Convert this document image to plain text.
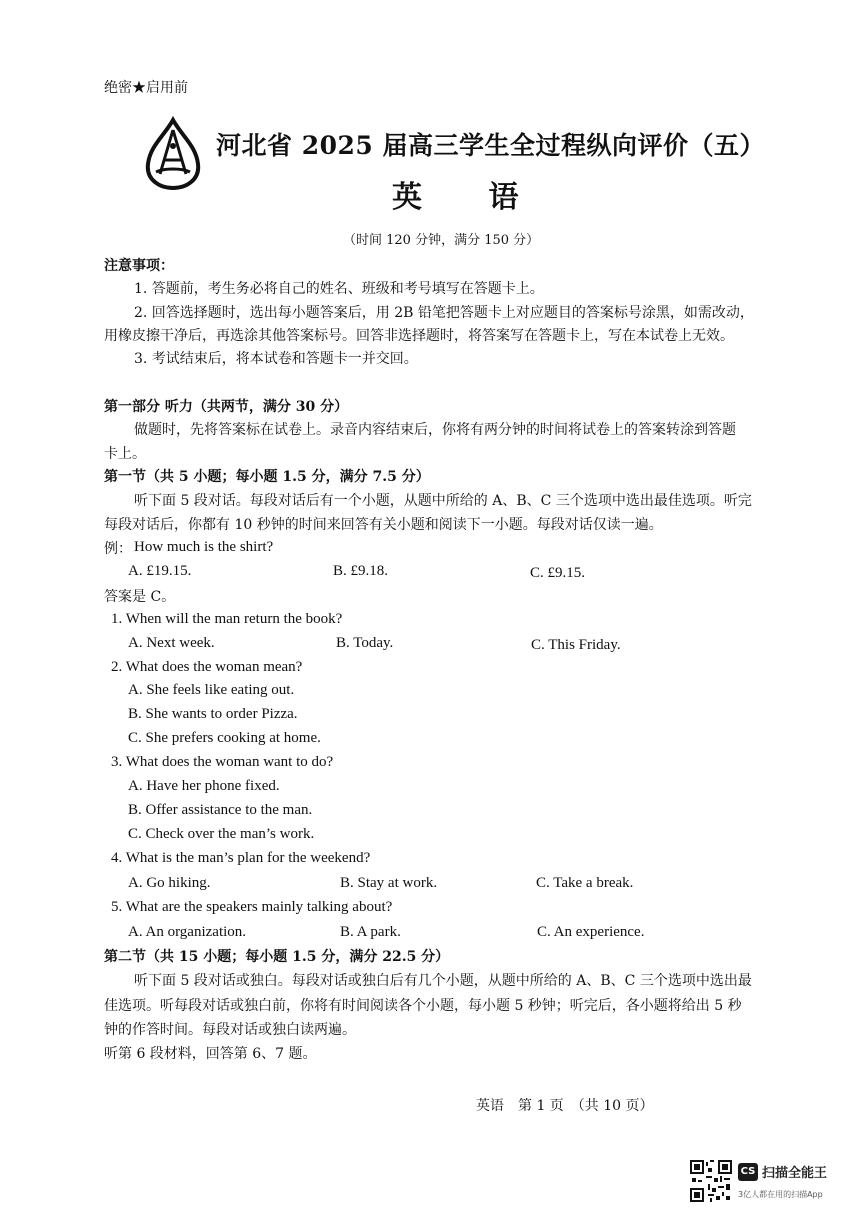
绝密★启用前
河北省 2025 届高三学生全过程纵向评价（五）
英 语
（时间 120 分钟，满分 150 分）
注意事项：
1. 答题前，考生务必将自己的姓名、班级和考号填写在答题卡上。
2. 回答选择题时，选出每小题答案后，用 2B 铅笔把答题卡上对应题目的答案标号涂黑，如需改动，
用橡皮擦干净后，再选涂其他答案标号。回答非选择题时，将答案写在答题卡上，写在本试卷上无效。
3. 考试结束后，将本试卷和答题卡一并交回。
第一部分 听力（共两节，满分 30 分）
做题时，先将答案标在试卷上。录音内容结束后，你将有两分钟的时间将试卷上的答案转涂到答题
卡上。
第一节（共 5 小题；每小题 1.5 分，满分 7.5 分）
听下面 5 段对话。每段对话后有一个小题，从题中所给的 A、B、C 三个选项中选出最佳选项。听完
每段对话后，你都有 10 秒钟的时间来回答有关小题和阅读下一小题。每段对话仅读一遍。
例： How much is the shirt?
A. £19.15.	B. £9.18.	C. £9.15.
答案是 C。
1. When will the man return the book?
A. Next week.	B. Today.	C. This Friday.
2. What does the woman mean?
A. She feels like eating out.
B. She wants to order Pizza.
C. She prefers cooking at home.
3. What does the woman want to do?
A. Have her phone fixed.
B. Offer assistance to the man.
C. Check over the man’s work.
4. What is the man’s plan for the weekend?
A. Go hiking.	B. Stay at work.	C. Take a break.
5. What are the speakers mainly talking about?
A. An organization.	B. A park.	C. An experience.
第二节（共 15 小题；每小题 1.5 分，满分 22.5 分）
听下面 5 段对话或独白。每段对话或独白后有几个小题，从题中所给的 A、B、C 三个选项中选出最
佳选项。听每段对话或独白前，你将有时间阅读各个小题，每小题 5 秒钟；听完后，各小题将给出 5 秒
钟的作答时间。每段对话或独白读两遍。
听第 6 段材料，回答第 6、7 题。
英语　第 1 页　（共 10 页）
CS 扫描全能王
3亿人都在用的扫描App
